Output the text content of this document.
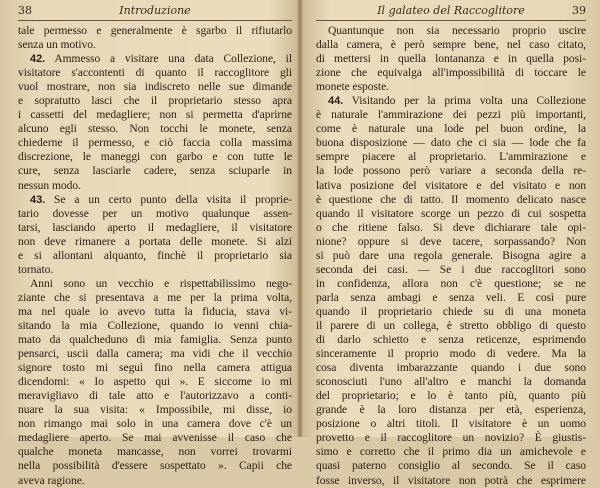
38	Introduzione
tale permesso e generalmente è sgarbo il rifiutarlo
senza un motivo.
42. Ammesso a visitare una data Collezione, il
visitatore s'accontenti di quanto il raccoglitore gli
vuol mostrare, non sia indiscreto nelle sue dimande
e sopratutto lasci che il proprietario stesso apra
i cassetti del medagliere; non si permetta d'aprirne
alcuno egli stesso. Non tocchi le monete, senza
chiederne il permesso, e ciò faccia colla massima
discrezione, le maneggi con garbo e con tutte le
cure, senza lasciarle cadere, senza sciuparle in
nessun modo.
43. Se a un certo punto della visita il proprie-
tario dovesse per un motivo qualunque assen-
tarsi, lasciando aperto il medagliere, il visitatore
non deve rimanere a portata delle monete. Si alzi
e si allontani alquanto, finchè il proprietario sia
tornato.
Anni sono un vecchio e rispettabilissimo nego-
ziante che si presentava a me per la prima volta,
ma nel quale io avevo tutta la fiducia, stava vi-
sitando la mia Collezione, quando io venni chia-
mato da qualcheduno di mia famiglia. Senza punto
pensarci, uscii dalla camera; ma vidi che il vecchio
signore tosto mi seguì fino nella camera attigua
dicendomi: « Io aspetto qui ». E siccome io mi
meravigliavo di tale atto e l'autorizzavo a conti-
nuare la sua visita: « Impossibile, mi disse, io
non rimango mai solo in una camera dove c'è un
medagliere aperto. Se mai avvenisse il caso che
qualche moneta mancasse, non vorrei trovarmi
nella possibilità d'essere sospettato ». Capii che
aveva ragione.
Il galateo del Raccoglitore	39
Quantunque non sia necessario proprio uscire
dalla camera, è però sempre bene, nel caso citato,
di mettersi in quella lontananza e in quella posi-
zione che equivalga all'impossibilità di toccare le
monete esposte.
44. Visitando per la prima volta una Collezione
è naturale l'ammirazione dei pezzi più importanti,
come è naturale una lode pel buon ordine, la
buona disposizione — dato che ci sia — lode che fa
sempre piacere al proprietario. L'ammirazione e
la lode possono però variare a seconda della re-
lativa posizione del visitatore e del visitato e non
è questione che di tatto. Il momento delicato nasce
quando il visitatore scorge un pezzo di cui sospetta
o che ritiene falso. Si deve dichiarare tale opi-
nione? oppure si deve tacere, sorpassando? Non
si può dare una regola generale. Bisogna agire a
seconda dei casi. — Se i due raccoglitori sono
in confidenza, allora non c'è questione; se ne
parla senza ambagi e senza veli. E così pure
quando il proprietario chiede su di una moneta
il parere di un collega, è stretto obbligo di questo
di darlo schietto e senza reticenze, esprimendo
sinceramente il proprio modo di vedere. Ma la
cosa diventa imbarazzante quando i due sono
sconosciuti l'uno all'altro e manchi la domanda
del proprietario; e lo è tanto più, quanto più
grande è la loro distanza per età, esperienza,
posizione o altri titoli. Il visitatore è un uomo
provetto e il raccoglitore un novizio? È giustis-
simo e corretto che il primo dia un amichevole e
quasi paterno consiglio al secondo. Se il caso
fosse inverso, il visitatore non potrà che esprimere
